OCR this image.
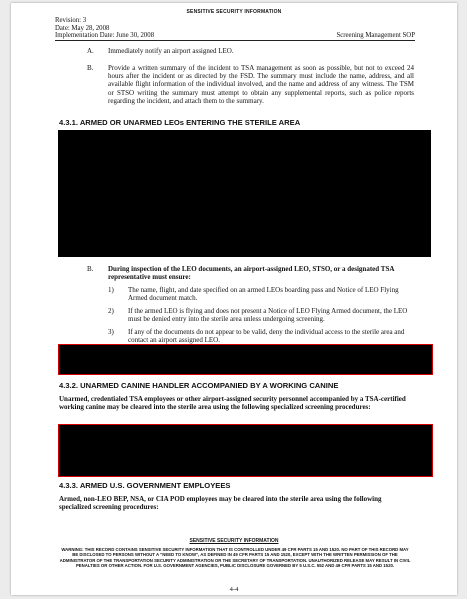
SENSITIVE SECURITY INFORMATION
Revision: 3
Date: May 28, 2008
Implementation Date: June 30, 2008	Screening Management SOP
A. Immediately notify an airport assigned LEO.
B. Provide a written summary of the incident to TSA management as soon as possible, but not to exceed 24 hours after the incident or as directed by the FSD. The summary must include the name, address, and all available flight information of the individual involved, and the name and address of any witness. The TSM or STSO writing the summary must attempt to obtain any supplemental reports, such as police reports regarding the incident, and attach them to the summary.
4.3.1. ARMED OR UNARMED LEOs ENTERING THE STERILE AREA
B. During inspection of the LEO documents, an airport-assigned LEO, STSO, or a designated TSA representative must ensure:
1) The name, flight, and date specified on an armed LEOs boarding pass and Notice of LEO Flying Armed document match.
2) If the armed LEO is flying and does not present a Notice of LEO Flying Armed document, the LEO must be denied entry into the sterile area unless undergoing screening.
3) If any of the documents do not appear to be valid, deny the individual access to the sterile area and contact an airport assigned LEO.
4.3.2. UNARMED CANINE HANDLER ACCOMPANIED BY A WORKING CANINE
Unarmed, credentialed TSA employees or other airport-assigned security personnel accompanied by a TSA-certified working canine may be cleared into the sterile area using the following specialized screening procedures:
4.3.3. ARMED U.S. GOVERNMENT EMPLOYEES
Armed, non-LEO BEP, NSA, or CIA POD employees may be cleared into the sterile area using the following specialized screening procedures:
SENSITIVE SECURITY INFORMATION
WARNING: THIS RECORD CONTAINS SENSITIVE SECURITY INFORMATION THAT IS CONTROLLED UNDER 49 CFR PARTS 15 AND 1520. NO PART OF THIS RECORD MAY BE DISCLOSED TO PERSONS WITHOUT A "NEED TO KNOW", AS DEFINED IN 49 CFR PARTS 15 AND 1520, EXCEPT WITH THE WRITTEN PERMISSION OF THE ADMINISTRATOR OF THE TRANSPORTATION SECURITY ADMINISTRATION OR THE SECRETARY OF TRANSPORTATION. UNAUTHORIZED RELEASE MAY RESULT IN CIVIL PENALTIES OR OTHER ACTION. FOR U.S. GOVERNMENT AGENCIES, PUBLIC DISCLOSURE GOVERNED BY 5 U.S.C. 552 AND 49 CFR PARTS 15 AND 1520.
4-4
